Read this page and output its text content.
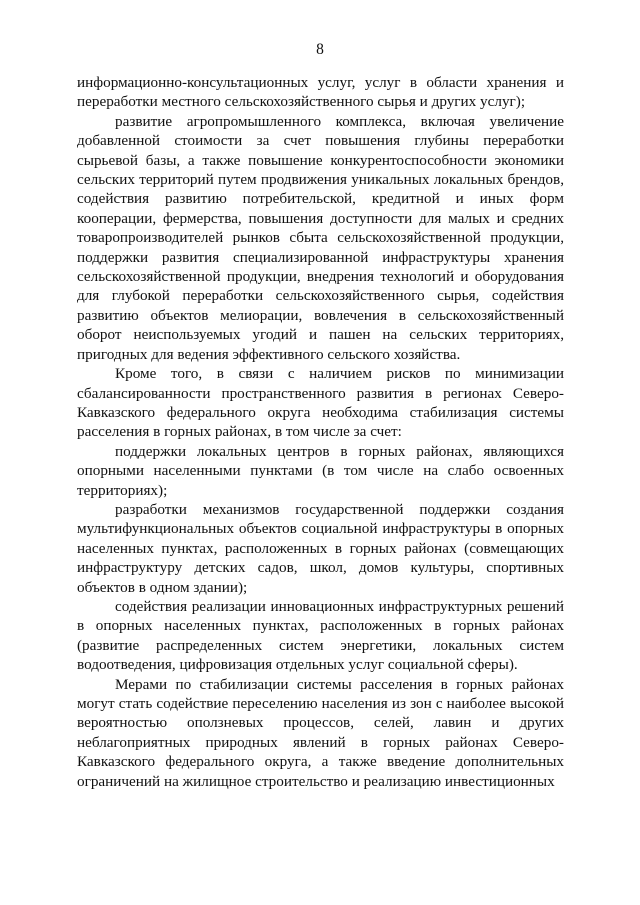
8

информационно-консультационных услуг, услуг в области хранения и переработки местного сельскохозяйственного сырья и других услуг);

развитие агропромышленного комплекса, включая увеличение добавленной стоимости за счет повышения глубины переработки сырьевой базы, а также повышение конкурентоспособности экономики сельских территорий путем продвижения уникальных локальных брендов, содействия развитию потребительской, кредитной и иных форм кооперации, фермерства, повышения доступности для малых и средних товаропроизводителей рынков сбыта сельскохозяйственной продукции, поддержки развития специализированной инфраструктуры хранения сельскохозяйственной продукции, внедрения технологий и оборудования для глубокой переработки сельскохозяйственного сырья, содействия развитию объектов мелиорации, вовлечения в сельскохозяйственный оборот неиспользуемых угодий и пашен на сельских территориях, пригодных для ведения эффективного сельского хозяйства.

Кроме того, в связи с наличием рисков по минимизации сбалансированности пространственного развития в регионах Северо-Кавказского федерального округа необходима стабилизация системы расселения в горных районах, в том числе за счет:

поддержки локальных центров в горных районах, являющихся опорными населенными пунктами (в том числе на слабо освоенных территориях);

разработки механизмов государственной поддержки создания мультифункциональных объектов социальной инфраструктуры в опорных населенных пунктах, расположенных в горных районах (совмещающих инфраструктуру детских садов, школ, домов культуры, спортивных объектов в одном здании);

содействия реализации инновационных инфраструктурных решений в опорных населенных пунктах, расположенных в горных районах (развитие распределенных систем энергетики, локальных систем водоотведения, цифровизация отдельных услуг социальной сферы).

Мерами по стабилизации системы расселения в горных районах могут стать содействие переселению населения из зон с наиболее высокой вероятностью оползневых процессов, селей, лавин и других неблагоприятных природных явлений в горных районах Северо-Кавказского федерального округа, а также введение дополнительных ограничений на жилищное строительство и реализацию инвестиционных
